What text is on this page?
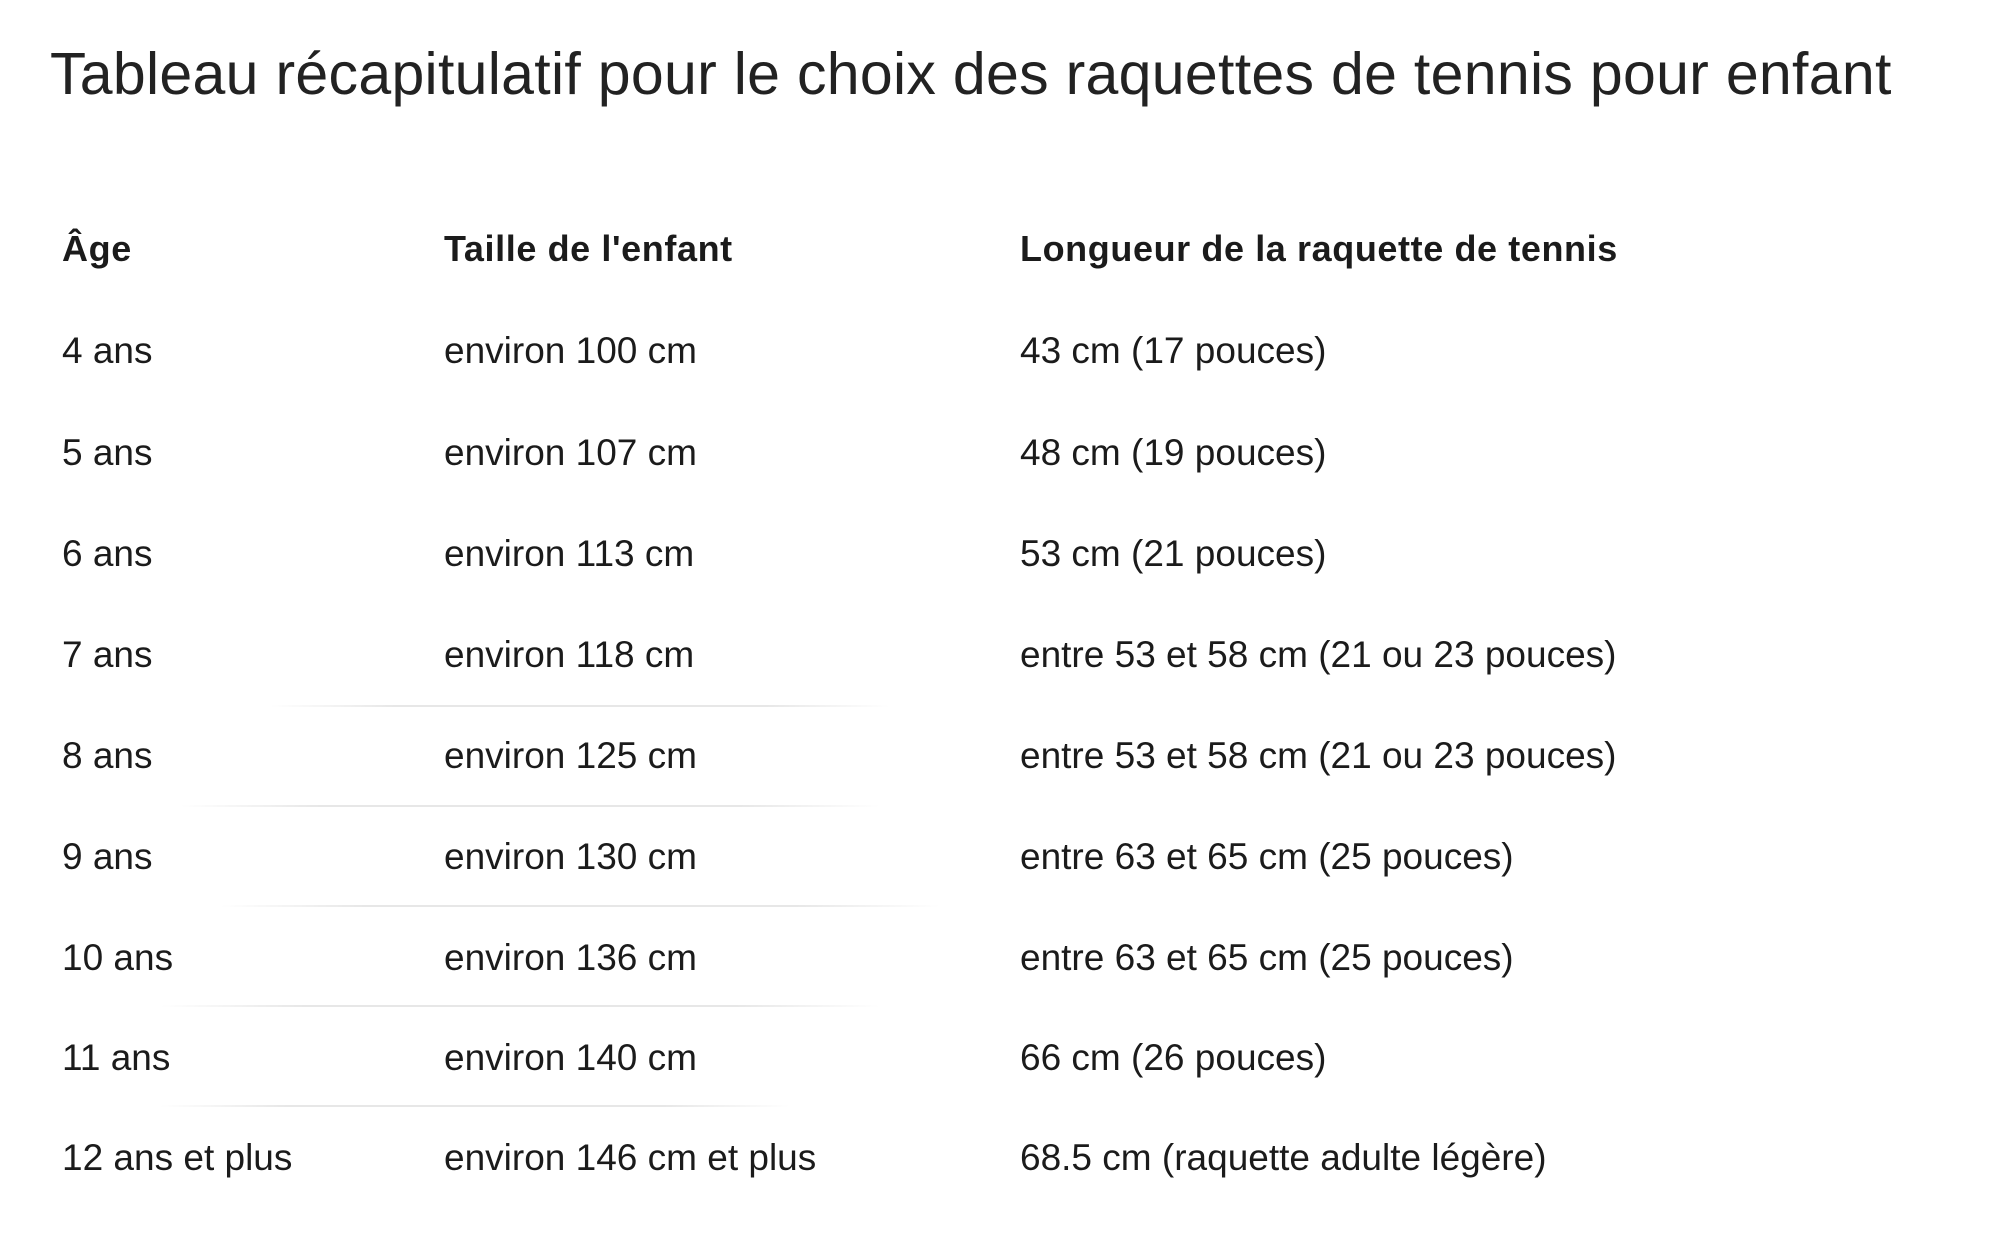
Tableau récapitulatif pour le choix des raquettes de tennis pour enfant
Âge	Taille de l'enfant	Longueur de la raquette de tennis
4 ans	environ 100 cm	43 cm (17 pouces)
5 ans	environ 107 cm	48 cm (19 pouces)
6 ans	environ 113 cm	53 cm (21 pouces)
7 ans	environ 118 cm	entre 53 et 58 cm (21 ou 23 pouces)
8 ans	environ 125 cm	entre 53 et 58 cm (21 ou 23 pouces)
9 ans	environ 130 cm	entre 63 et 65 cm (25 pouces)
10 ans	environ 136 cm	entre 63 et 65 cm (25 pouces)
11 ans	environ 140 cm	66 cm (26 pouces)
12 ans et plus	environ 146 cm et plus	68.5 cm (raquette adulte légère)
